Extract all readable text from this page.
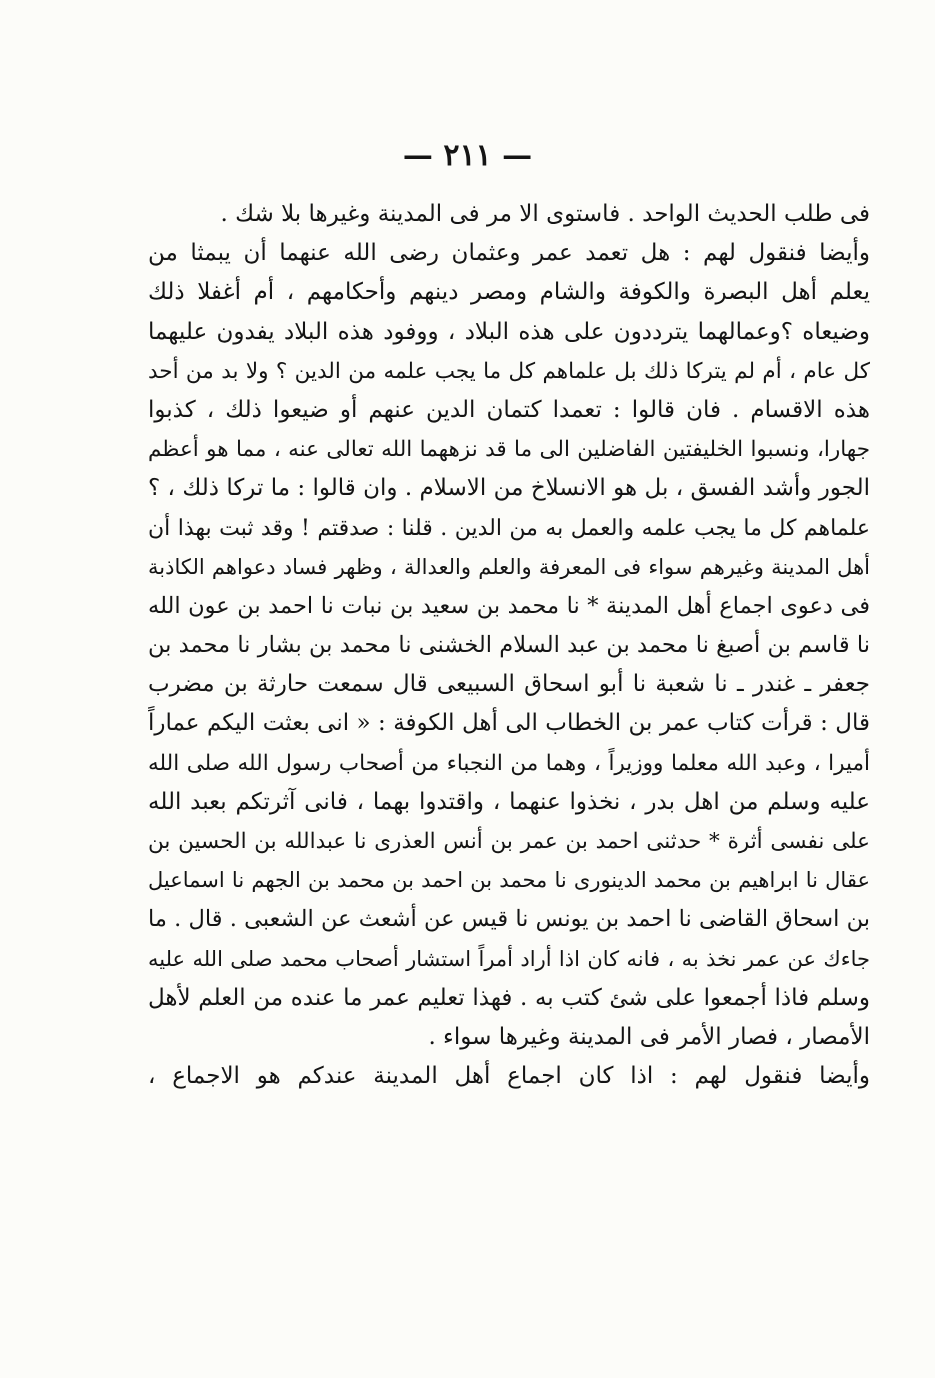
— ٢١١ —
فى طلب الحديث الواحد . فاستوى الا مر فى المدينة وغيرها بلا شك .
وأيضا فنقول لهم : هل تعمد عمر وعثمان رضى الله عنهما أن يبمثا من
يعلم أهل البصرة والكوفة والشام ومصر دينهم وأحكامهم ، أم أغفلا ذلك
وضيعاه ؟وعمالهما يترددون على هذه البلاد ، ووفود هذه البلاد يفدون عليهما
كل عام ، أم لم يتركا ذلك بل علماهم كل ما يجب علمه من الدين ؟ ولا بد من أحد
هذه الاقسام . فان قالوا : تعمدا كتمان الدين عنهم أو ضيعوا ذلك ، كذبوا
جهارا، ونسبوا الخليفتين الفاضلين الى ما قد نزههما الله تعالى عنه ، مما هو أعظم
الجور وأشد الفسق ، بل هو الانسلاخ من الاسلام . وان قالوا : ما تركا ذلك ، ؟
علماهم كل ما يجب علمه والعمل به من الدين . قلنا : صدقتم ! وقد ثبت بهذا أن
أهل المدينة وغيرهم سواء فى المعرفة والعلم والعدالة ، وظهر فساد دعواهم الكاذبة
فى دعوى اجماع أهل المدينة * نا محمد بن سعيد بن نبات نا احمد بن عون الله
نا قاسم بن أصبغ نا محمد بن عبد السلام الخشنى نا محمد بن بشار نا محمد بن
جعفر ـ غندر ـ نا شعبة نا أبو اسحاق السبيعى قال سمعت حارثة بن مضرب
قال : قرأت كتاب عمر بن الخطاب الى أهل الكوفة : « انى بعثت اليكم عماراً
أميرا ، وعبد الله معلما ووزيراً ، وهما من النجباء من أصحاب رسول الله صلى الله
عليه وسلم من اهل بدر ، نخذوا عنهما ، واقتدوا بهما ، فانى آثرتكم بعبد الله
على نفسى أثرة * حدثنى احمد بن عمر بن أنس العذرى نا عبدالله بن الحسين بن
عقال نا ابراهيم بن محمد الدينورى نا محمد بن احمد بن محمد بن الجهم نا اسماعيل
بن اسحاق القاضى نا احمد بن يونس نا قيس عن أشعث عن الشعبى . قال . ما
جاءك عن عمر نخذ به ، فانه كان اذا أراد أمراً استشار أصحاب محمد صلى الله عليه
وسلم فاذا أجمعوا على شئ كتب به . فهذا تعليم عمر ما عنده من العلم لأهل
الأمصار ، فصار الأمر فى المدينة وغيرها سواء .
وأيضا فنقول لهم : اذا كان اجماع أهل المدينة عندكم هو الاجماع ،
